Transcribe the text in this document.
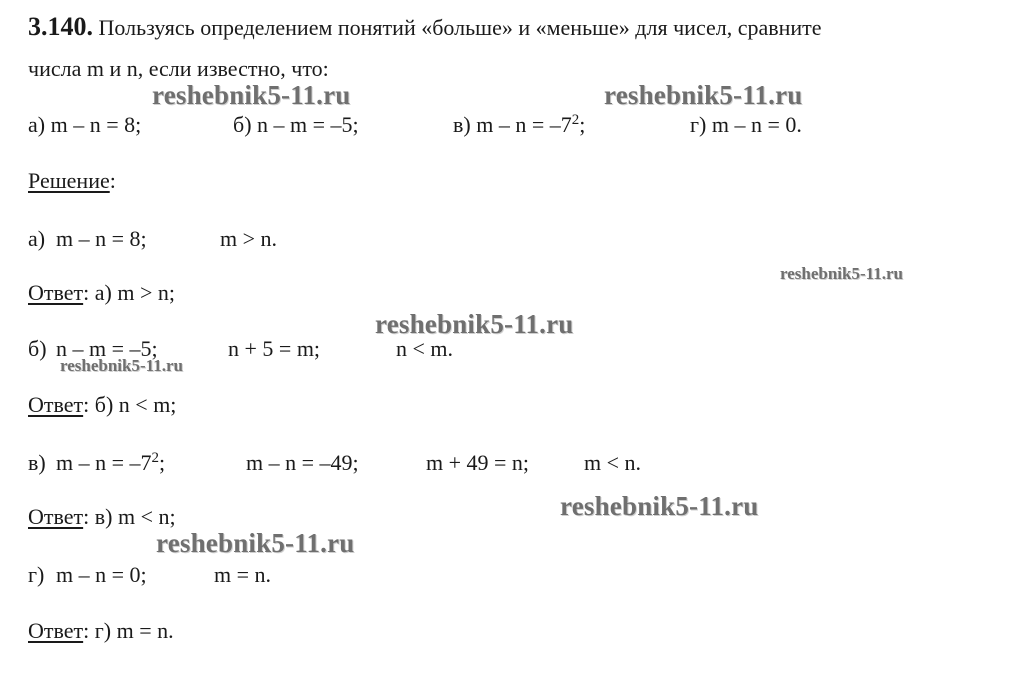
3.140. Пользуясь определением понятий «больше» и «меньше» для чисел, сравните
числа m и n, если известно, что:
а) m – n = 8;	б) n – m = –5;	в) $m - n = -7^2$;	г) m – n = 0.
Решение:
а) m – n = 8;	m > n.
Ответ: а) m > n;
б) n – m = –5;	n + 5 = m;	n < m.
Ответ: б) n < m;
в) $m - n = -7^2$;	m – n = –49;	m + 49 = n; m < n.
Ответ: в) m < n;
г) m – n = 0;	m = n.
Ответ: г) m = n.
reshebnik5-11.ru	reshebnik5-11.ru
reshebnik5-11.ru
reshebnik5-11.ru
reshebnik5-11.ru
reshebnik5-11.ru
reshebnik5-11.ru
